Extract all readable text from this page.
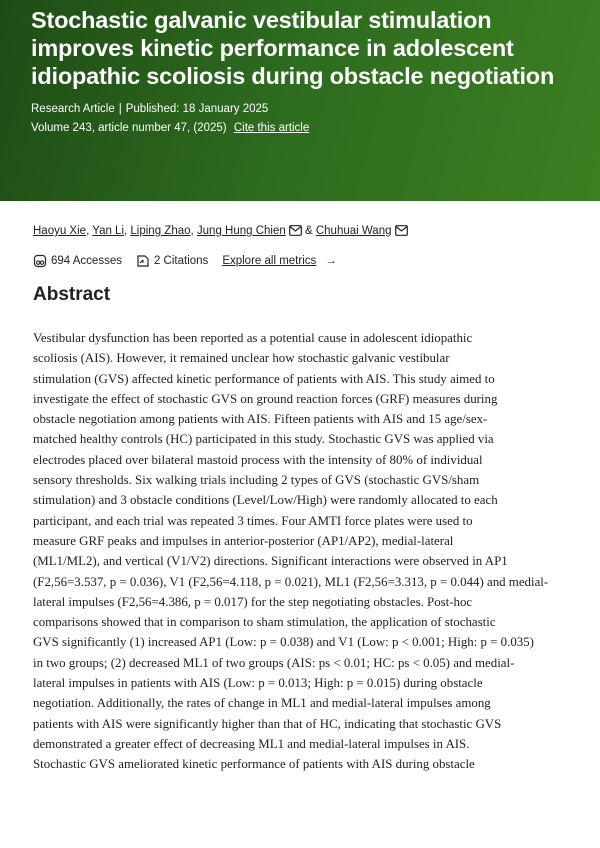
Stochastic galvanic vestibular stimulation improves kinetic performance in adolescent idiopathic scoliosis during obstacle negotiation
Research Article | Published: 18 January 2025
Volume 243, article number 47, (2025) Cite this article
Haoyu Xie, Yan Li, Liping Zhao, Jung Hung Chien & Chuhuai Wang
694 Accesses	2 Citations Explore all metrics →
Abstract
Vestibular dysfunction has been reported as a potential cause in adolescent idiopathic
scoliosis (AIS). However, it remained unclear how stochastic galvanic vestibular
stimulation (GVS) affected kinetic performance of patients with AIS. This study aimed to
investigate the effect of stochastic GVS on ground reaction forces (GRF) measures during
obstacle negotiation among patients with AIS. Fifteen patients with AIS and 15 age/sex-
matched healthy controls (HC) participated in this study. Stochastic GVS was applied via
electrodes placed over bilateral mastoid process with the intensity of 80% of individual
sensory thresholds. Six walking trials including 2 types of GVS (stochastic GVS/sham
stimulation) and 3 obstacle conditions (Level/Low/High) were randomly allocated to each
participant, and each trial was repeated 3 times. Four AMTI force plates were used to
measure GRF peaks and impulses in anterior-posterior (AP1/AP2), medial-lateral
(ML1/ML2), and vertical (V1/V2) directions. Significant interactions were observed in AP1
(F2,56=3.537, p = 0.036), V1 (F2,56=4.118, p = 0.021), ML1 (F2,56=3.313, p = 0.044) and medial-
lateral impulses (F2,56=4.386, p = 0.017) for the step negotiating obstacles. Post-hoc
comparisons showed that in comparison to sham stimulation, the application of stochastic
GVS significantly (1) increased AP1 (Low: p = 0.038) and V1 (Low: p < 0.001; High: p = 0.035)
in two groups; (2) decreased ML1 of two groups (AIS: ps < 0.01; HC: ps < 0.05) and medial-
lateral impulses in patients with AIS (Low: p = 0.013; High: p = 0.015) during obstacle
negotiation. Additionally, the rates of change in ML1 and medial-lateral impulses among
patients with AIS were significantly higher than that of HC, indicating that stochastic GVS
demonstrated a greater effect of decreasing ML1 and medial-lateral impulses in AIS.
Stochastic GVS ameliorated kinetic performance of patients with AIS during obstacle
